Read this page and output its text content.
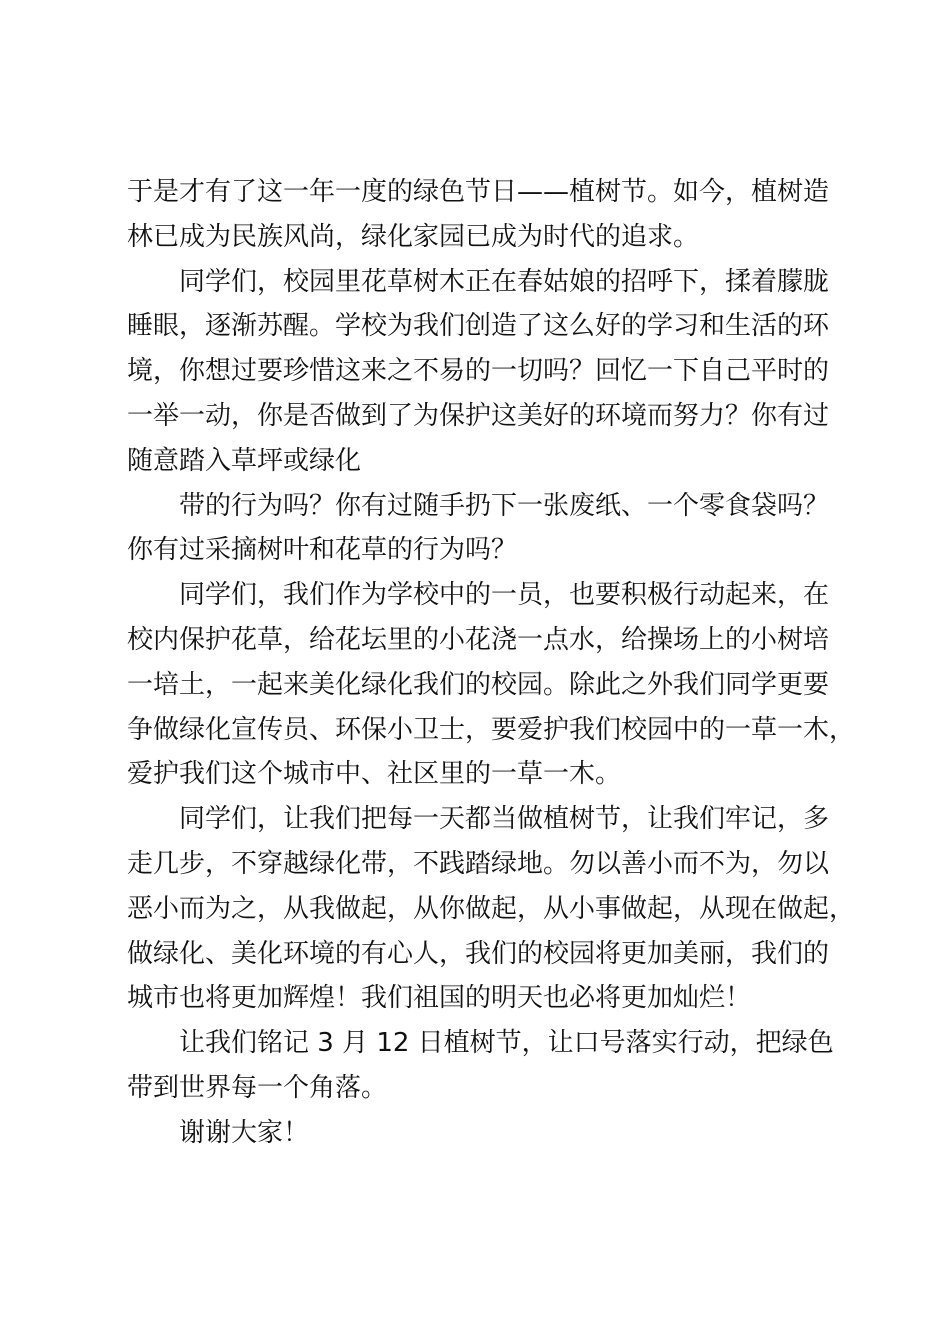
于是才有了这一年一度的绿色节日——植树节。如今，植树造
林已成为民族风尚，绿化家园已成为时代的追求。
同学们，校园里花草树木正在春姑娘的招呼下，揉着朦胧
睡眼，逐渐苏醒。学校为我们创造了这么好的学习和生活的环
境，你想过要珍惜这来之不易的一切吗？回忆一下自己平时的
一举一动，你是否做到了为保护这美好的环境而努力？你有过
随意踏入草坪或绿化
带的行为吗？你有过随手扔下一张废纸、一个零食袋吗？
你有过采摘树叶和花草的行为吗？
同学们，我们作为学校中的一员，也要积极行动起来，在
校内保护花草，给花坛里的小花浇一点水，给操场上的小树培
一培土，一起来美化绿化我们的校园。除此之外我们同学更要
争做绿化宣传员、环保小卫士，要爱护我们校园中的一草一木，
爱护我们这个城市中、社区里的一草一木。
同学们，让我们把每一天都当做植树节，让我们牢记，多
走几步，不穿越绿化带，不践踏绿地。勿以善小而不为，勿以
恶小而为之，从我做起，从你做起，从小事做起，从现在做起，
做绿化、美化环境的有心人，我们的校园将更加美丽，我们的
城市也将更加辉煌！我们祖国的明天也必将更加灿烂！
让我们铭记 3 月 12 日植树节，让口号落实行动，把绿色
带到世界每一个角落。
谢谢大家！
